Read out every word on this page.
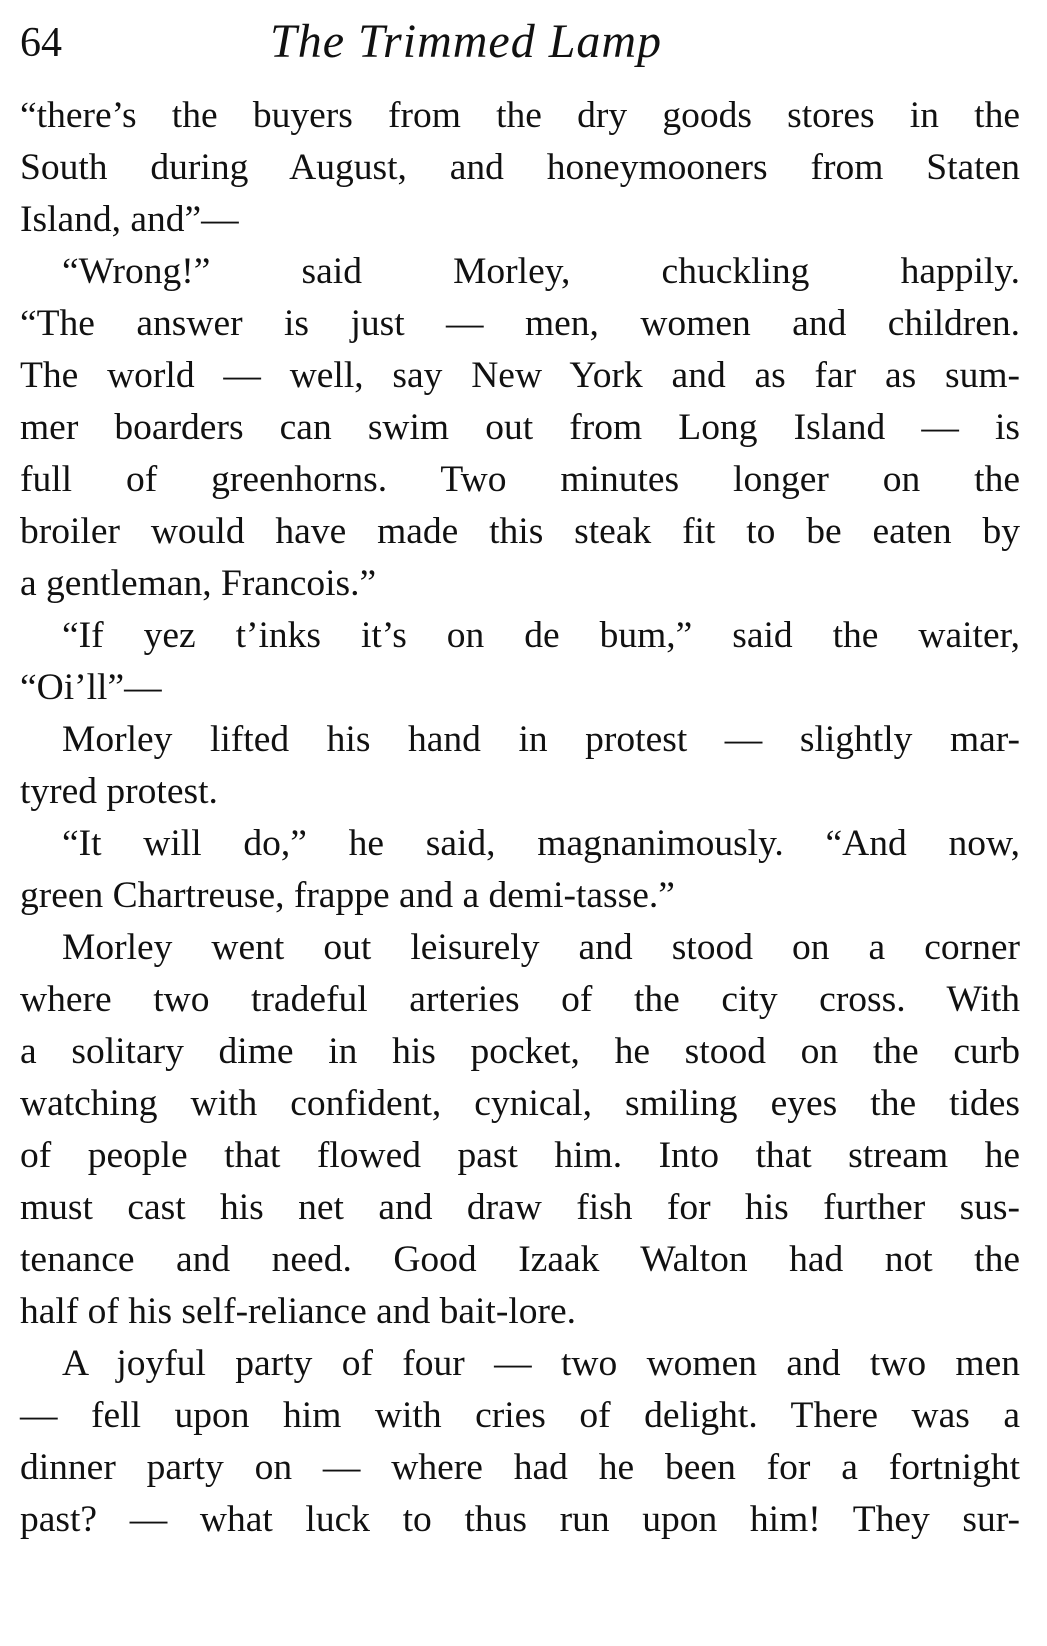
64	The Trimmed Lamp
“there’s the buyers from the dry goods stores in the
South during August, and honeymooners from Staten
Island, and”—
“Wrong!” said Morley, chuckling happily.
“The answer is just — men, women and children.
The world — well, say New York and as far as sum-
mer boarders can swim out from Long Island — is
full of greenhorns. Two minutes longer on the
broiler would have made this steak fit to be eaten by
a gentleman, Francois.”
“If yez t’inks it’s on de bum,” said the waiter,
“Oi’ll”—
Morley lifted his hand in protest — slightly mar-
tyred protest.
“It will do,” he said, magnanimously. “And now,
green Chartreuse, frappe and a demi-tasse.”
Morley went out leisurely and stood on a corner
where two tradeful arteries of the city cross. With
a solitary dime in his pocket, he stood on the curb
watching with confident, cynical, smiling eyes the tides
of people that flowed past him. Into that stream he
must cast his net and draw fish for his further sus-
tenance and need. Good Izaak Walton had not the
half of his self-reliance and bait-lore.
A joyful party of four — two women and two men
— fell upon him with cries of delight. There was a
dinner party on — where had he been for a fortnight
past? — what luck to thus run upon him! They sur-
